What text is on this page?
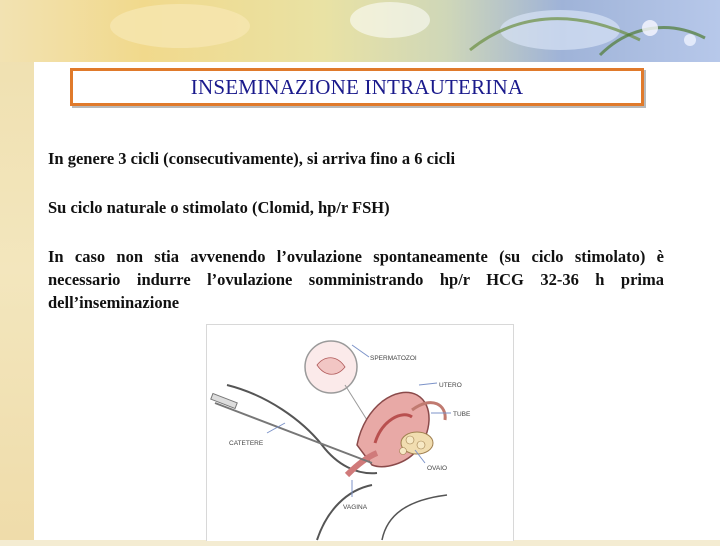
INSEMINAZIONE INTRAUTERINA
In genere 3 cicli (consecutivamente), si arriva fino a 6 cicli
Su ciclo naturale o stimolato (Clomid, hp/r FSH)
In caso non stia avvenendo l’ovulazione spontaneamente (su ciclo stimolato) è necessario indurre l’ovulazione somministrando hp/r HCG 32-36 h prima dell’inseminazione
SPERMATOZOI
UTERO
TUBE
OVAIO
CATETERE
VAGINA
